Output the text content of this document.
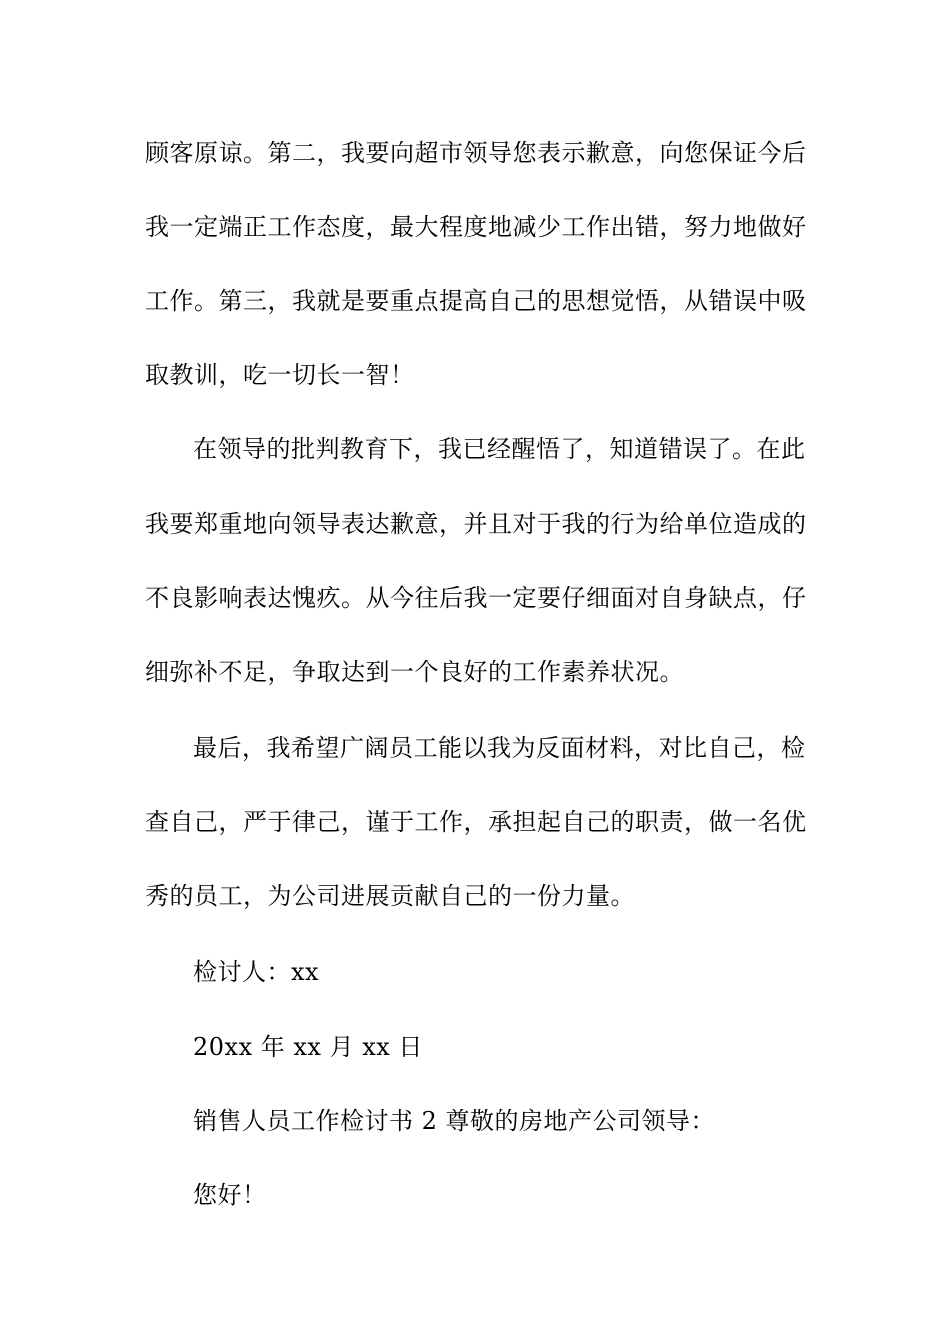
顾客原谅。第二，我要向超市领导您表示歉意，向您保证今后
我一定端正工作态度，最大程度地减少工作出错，努力地做好
工作。第三，我就是要重点提高自己的思想觉悟，从错误中吸
取教训，吃一切长一智！
在领导的批判教育下，我已经醒悟了，知道错误了。在此
我要郑重地向领导表达歉意，并且对于我的行为给单位造成的
不良影响表达愧疚。从今往后我一定要仔细面对自身缺点，仔
细弥补不足，争取达到一个良好的工作素养状况。
最后，我希望广阔员工能以我为反面材料，对比自己，检
查自己，严于律己，谨于工作，承担起自己的职责，做一名优
秀的员工，为公司进展贡献自己的一份力量。
检讨人：xx
20xx 年 xx 月 xx 日
销售人员工作检讨书 2 尊敬的房地产公司领导：
您好！
